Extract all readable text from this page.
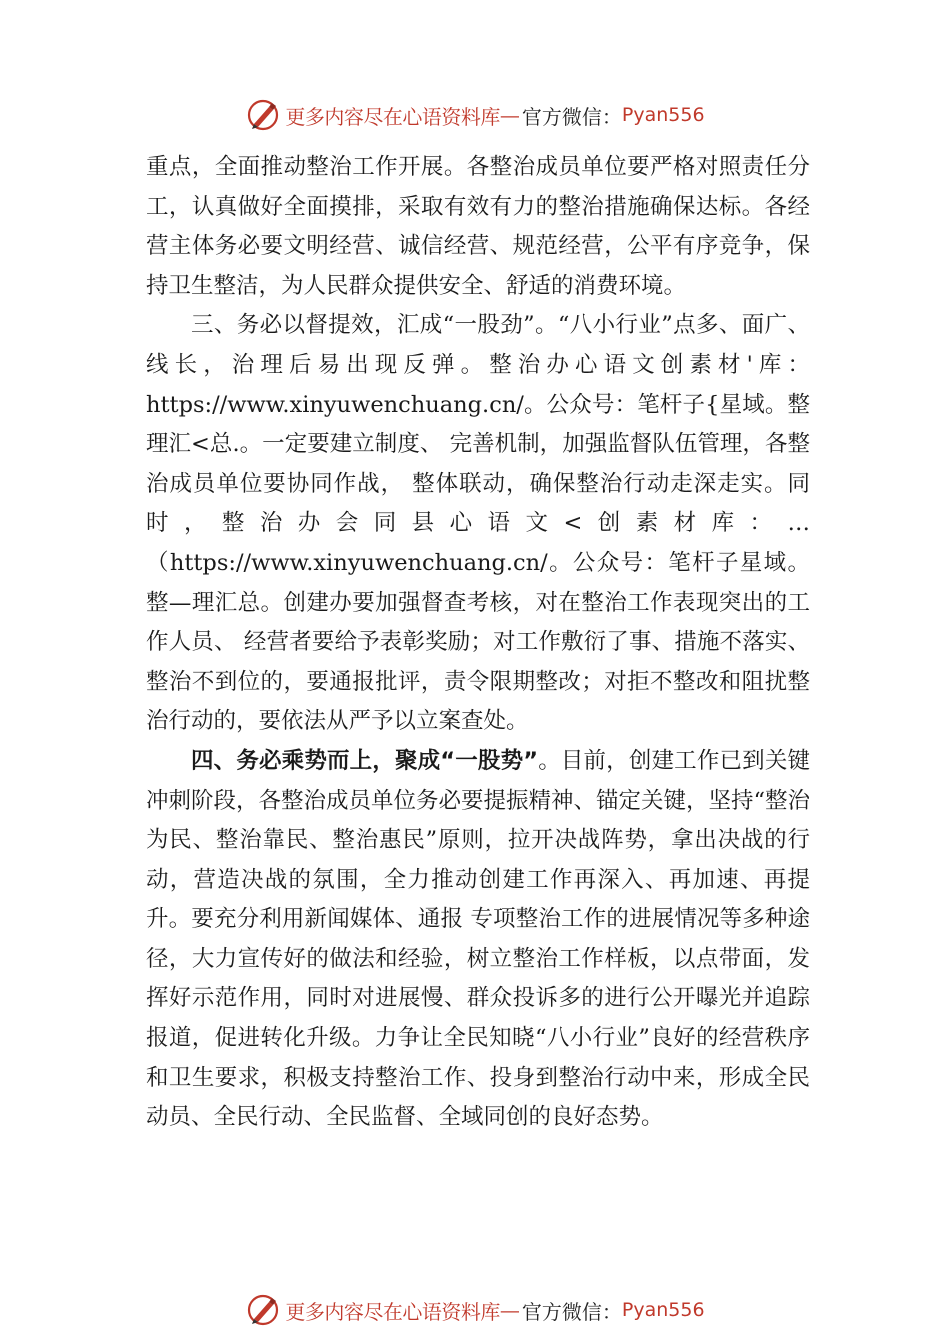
更多内容尽在心语资料库 — 官方微信： Pyan556

重点，全面推动整治工作开展。各整治成员单位要严格对照责任分工，认真做好全面摸排，采取有效有力的整治措施确保达标。各经营主体务必要文明经营、诚信经营、规范经营，公平有序竞争，保持卫生整洁，为人民群众提供安全、舒适的消费环境。

三、务必以督提效，汇成“一股劲”。“八小行业”点多、面广、线长，治理后易出现反弹。整治办心语文创素材'库：https://www.xinyuwenchuang.cn/。公众号：笔杆子{星域。整理汇<总.。一定要建立制度、 完善机制，加强监督队伍管理，各整治成员单位要协同作战， 整体联动，确保整治行动走深走实。同时，整治办会同县心语文<创素材库：…（https://www.xinyuwenchuang.cn/。公众号：笔杆子星域。整—理汇总。创建办要加强督查考核，对在整治工作表现突出的工作人员、 经营者要给予表彰奖励；对工作敷衍了事、措施不落实、整治不到位的，要通报批评，责令限期整改；对拒不整改和阻扰整治行动的，要依法从严予以立案查处。

四、务必乘势而上，聚成“一股势”。目前，创建工作已到关键冲刺阶段，各整治成员单位务必要提振精神、锚定关键，坚持“整治为民、整治靠民、整治惠民”原则，拉开决战阵势，拿出决战的行动，营造决战的氛围，全力推动创建工作再深入、再加速、再提升。要充分利用新闻媒体、通报 专项整治工作的进展情况等多种途径，大力宣传好的做法和经验，树立整治工作样板，以点带面，发挥好示范作用，同时对进展慢、群众投诉多的进行公开曝光并追踪报道，促进转化升级。力争让全民知晓“八小行业”良好的经营秩序和卫生要求，积极支持整治工作、投身到整治行动中来，形成全民动员、全民行动、全民监督、全域同创的良好态势。

更多内容尽在心语资料库 — 官方微信： Pyan556
